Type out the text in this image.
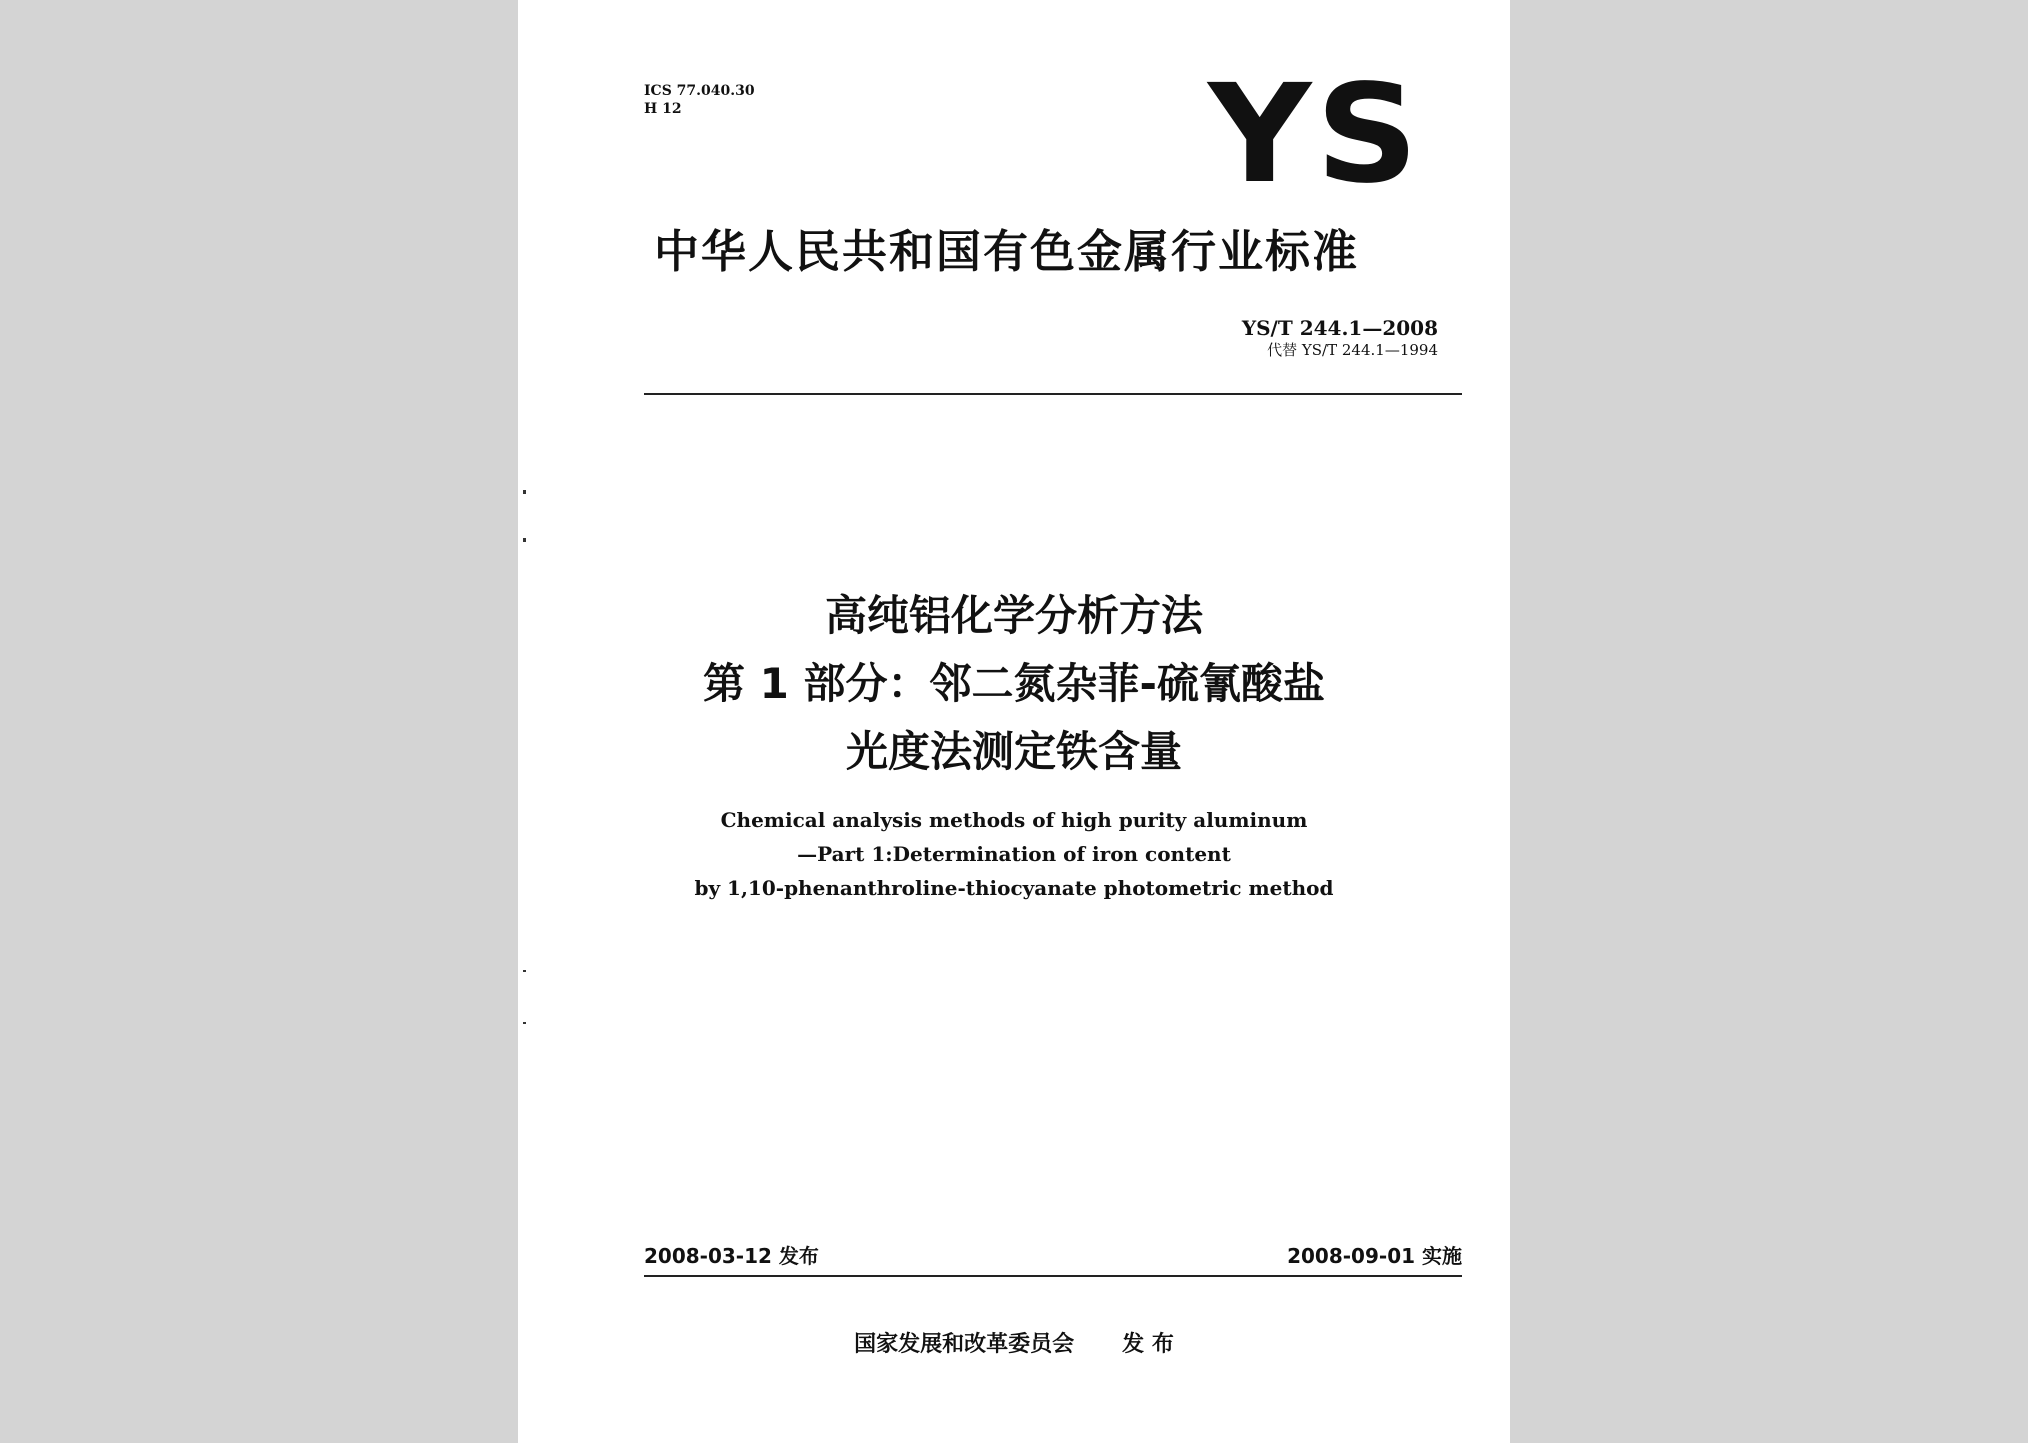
ICS 77.040.30
H 12	YS
中华人民共和国有色金属行业标准
YS/T 244.1—2008
代替 YS/T 244.1—1994
高纯铝化学分析方法
第 1 部分：邻二氮杂菲-硫氰酸盐
光度法测定铁含量
Chemical analysis methods of high purity aluminum
—Part 1:Determination of iron content
by 1,10-phenanthroline-thiocyanate photometric method
2008-03-12 发布	2008-09-01 实施
国家发展和改革委员会 发 布
